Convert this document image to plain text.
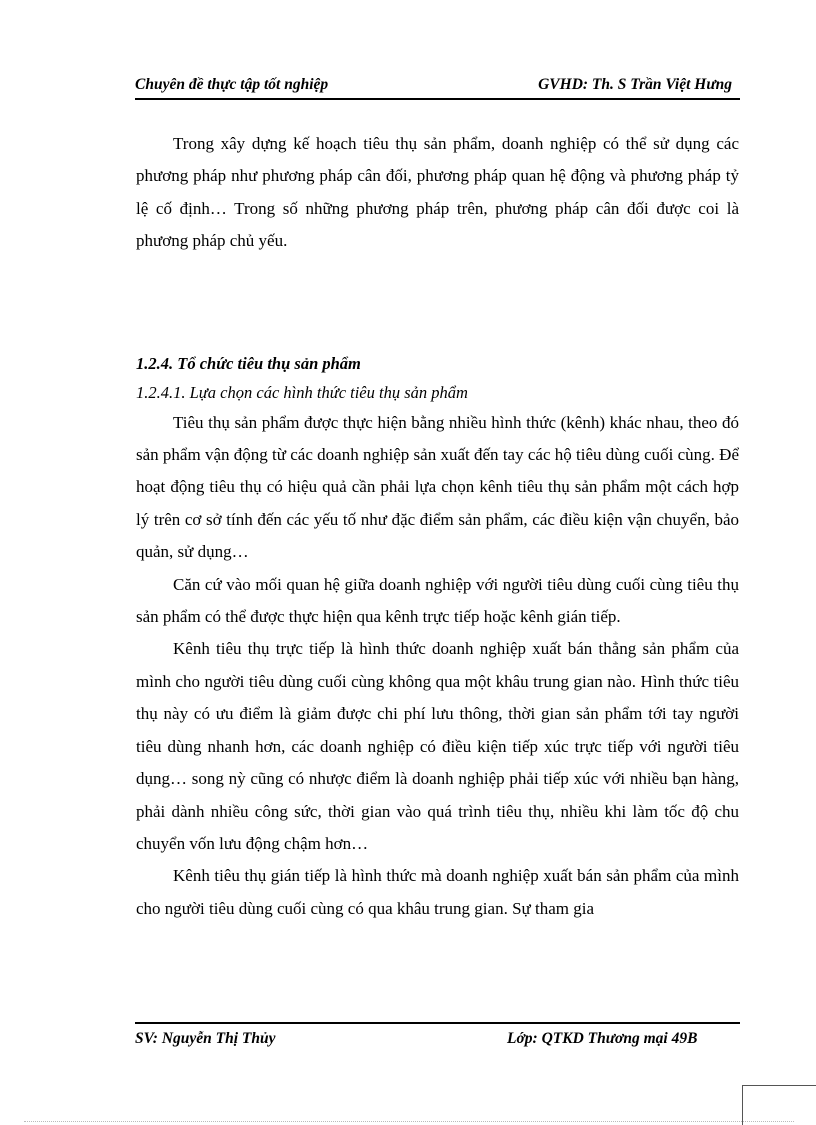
Chuyên đề thực tập tốt nghiệp	GVHD: Th. S Trần Việt Hưng

Trong xây dựng kế hoạch tiêu thụ sản phẩm, doanh nghiệp có thể sử dụng các phương pháp như phương pháp cân đối, phương pháp quan hệ động và phương pháp tỷ lệ cố định… Trong số những phương pháp trên, phương pháp cân đối được coi là phương pháp chủ yếu.

1.2.4. Tổ chức tiêu thụ sản phẩm
1.2.4.1. Lựa chọn các hình thức tiêu thụ sản phẩm

Tiêu thụ sản phẩm được thực hiện bằng nhiều hình thức (kênh) khác nhau, theo đó sản phẩm vận động từ các doanh nghiệp sản xuất đến tay các hộ tiêu dùng cuối cùng. Để hoạt động tiêu thụ có hiệu quả cần phải lựa chọn kênh tiêu thụ sản phẩm một cách hợp lý trên cơ sở tính đến các yếu tố như đặc điểm sản phẩm, các điều kiện vận chuyển, bảo quản, sử dụng…

Căn cứ vào mối quan hệ giữa doanh nghiệp với người tiêu dùng cuối cùng tiêu thụ sản phẩm có thể được thực hiện qua kênh trực tiếp hoặc kênh gián tiếp.

Kênh tiêu thụ trực tiếp là hình thức doanh nghiệp xuất bán thẳng sản phẩm của mình cho người tiêu dùng cuối cùng không qua một khâu trung gian nào. Hình thức tiêu thụ này có ưu điểm là giảm được chi phí lưu thông, thời gian sản phẩm tới tay người tiêu dùng nhanh hơn, các doanh nghiệp có điều kiện tiếp xúc trực tiếp với người tiêu dụng… song nỳ cũng có nhược điểm là doanh nghiệp phải tiếp xúc với nhiều bạn hàng, phải dành nhiều công sức, thời gian vào quá trình tiêu thụ, nhiều khi làm tốc độ chu chuyển vốn lưu động chậm hơn…

Kênh tiêu thụ gián tiếp là hình thức mà doanh nghiệp xuất bán sản phẩm của mình cho người tiêu dùng cuối cùng có qua khâu trung gian. Sự tham gia

SV: Nguyễn Thị Thủy	Lớp: QTKD Thương mại 49B
